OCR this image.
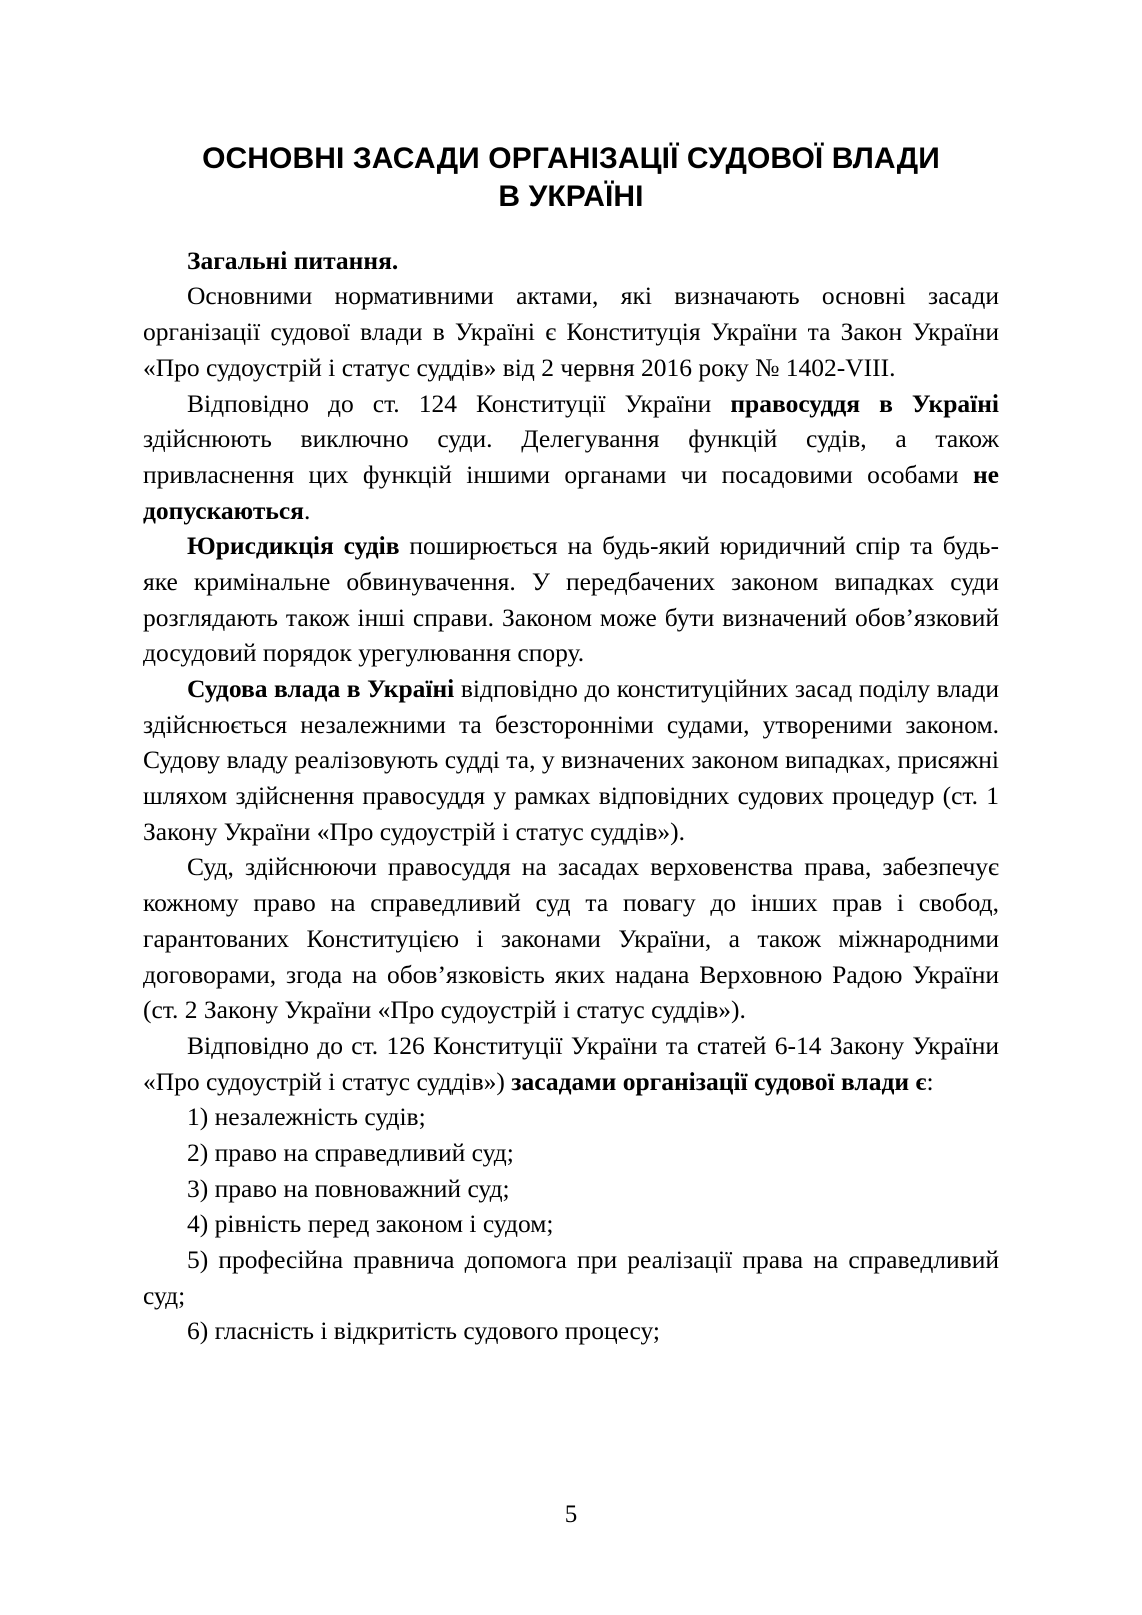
ОСНОВНІ ЗАСАДИ ОРГАНІЗАЦІЇ СУДОВОЇ ВЛАДИ
В УКРАЇНІ

Загальні питання.

Основними нормативними актами, які визначають основні засади організації судової влади в Україні є Конституція України та Закон України «Про судоустрій і статус суддів» від 2 червня 2016 року № 1402-VIII.

Відповідно до ст. 124 Конституції України правосуддя в Україні здійснюють виключно суди. Делегування функцій судів, а також привласнення цих функцій іншими органами чи посадовими особами не допускаються.

Юрисдикція судів поширюється на будь-який юридичний спір та будь-яке кримінальне обвинувачення. У передбачених законом випадках суди розглядають також інші справи. Законом може бути визначений обов’язковий досудовий порядок урегулювання спору.

Судова влада в Україні відповідно до конституційних засад поділу влади здійснюється незалежними та безсторонніми судами, утвореними законом. Судову владу реалізовують судді та, у визначених законом випадках, присяжні шляхом здійснення правосуддя у рамках відповідних судових процедур (ст. 1 Закону України «Про судоустрій і статус суддів»).

Суд, здійснюючи правосуддя на засадах верховенства права, забезпечує кожному право на справедливий суд та повагу до інших прав і свобод, гарантованих Конституцією і законами України, а також міжнародними договорами, згода на обов’язковість яких надана Верховною Радою України (ст. 2 Закону України «Про судоустрій і статус суддів»).

Відповідно до ст. 126 Конституції України та статей 6-14 Закону України «Про судоустрій і статус суддів») засадами організації судової влади є:

1) незалежність судів;

2) право на справедливий суд;

3) право на повноважний суд;

4) рівність перед законом і судом;

5) професійна правнича допомога при реалізації права на справедливий суд;

6) гласність і відкритість судового процесу;

5
